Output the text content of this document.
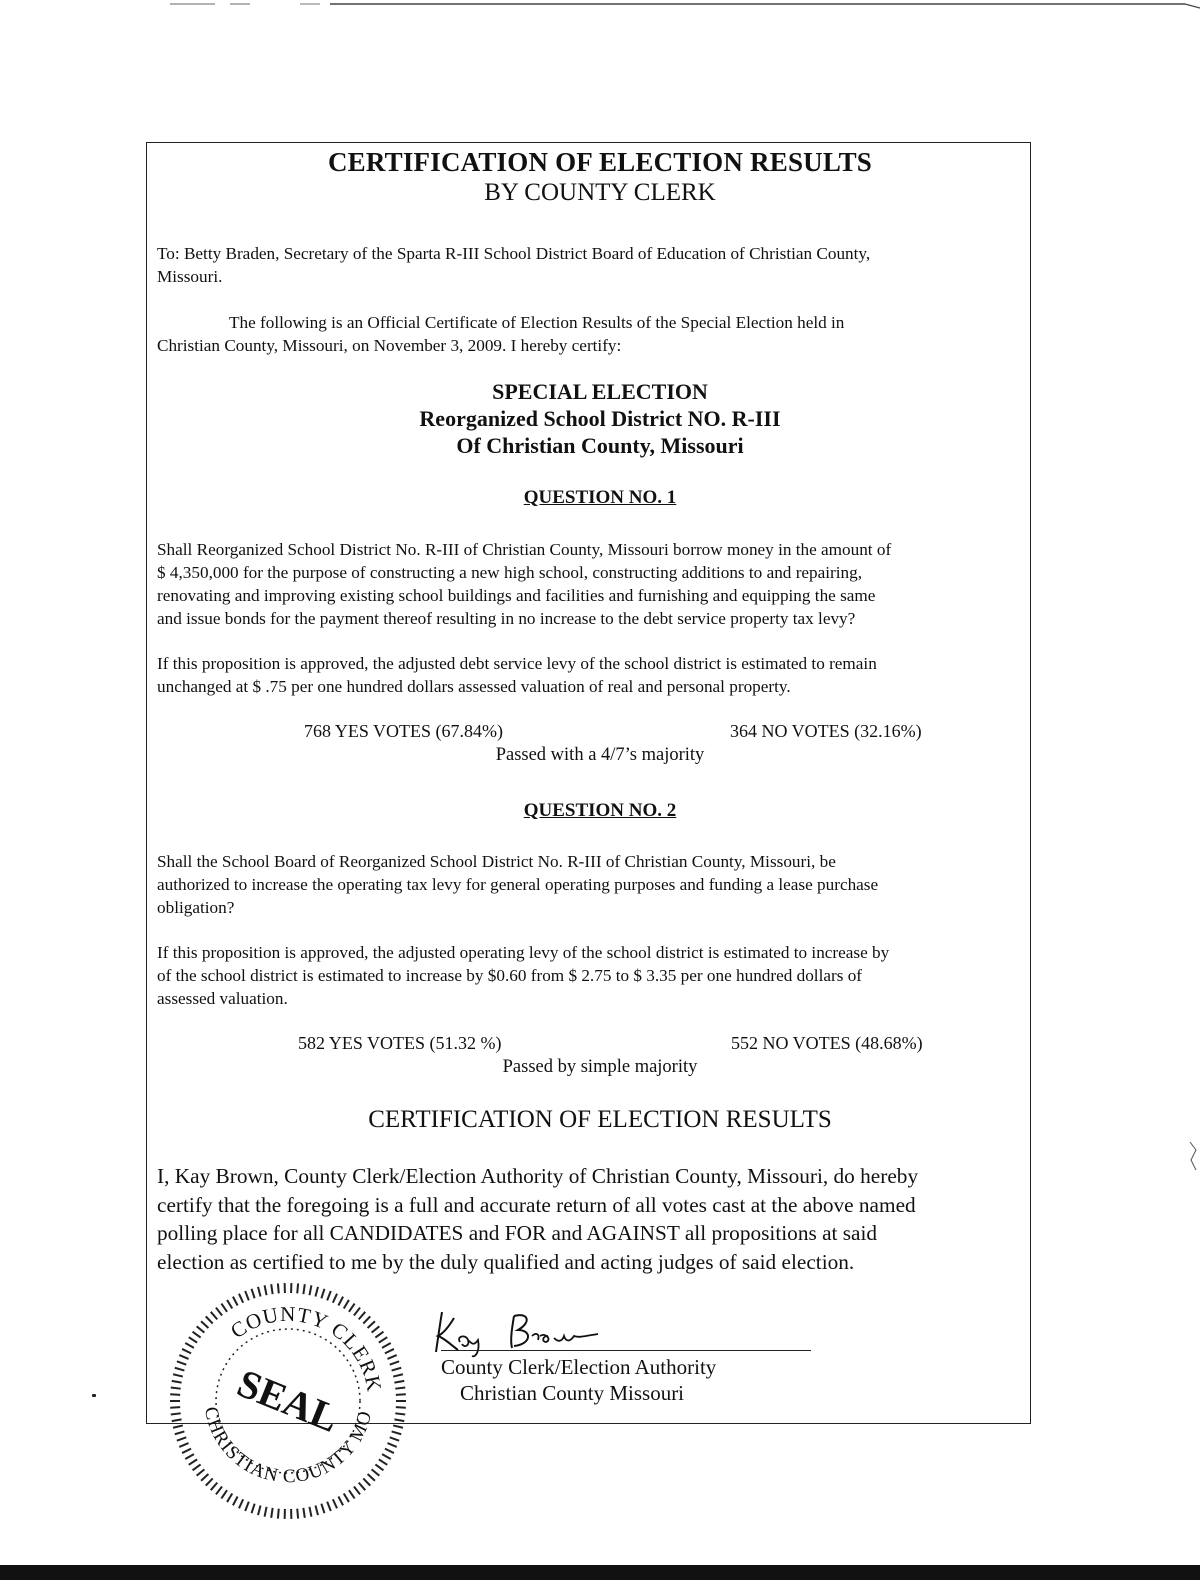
CERTIFICATION OF ELECTION RESULTS
BY COUNTY CLERK
To: Betty Braden, Secretary of the Sparta R-III School District Board of Education of Christian County,
Missouri.
The following is an Official Certificate of Election Results of the Special Election held in
Christian County, Missouri, on November 3, 2009. I hereby certify:
SPECIAL ELECTION
Reorganized School District NO. R-III
Of Christian County, Missouri
QUESTION NO. 1
Shall Reorganized School District No. R-III of Christian County, Missouri borrow money in the amount of
$ 4,350,000 for the purpose of constructing a new high school, constructing additions to and repairing,
renovating and improving existing school buildings and facilities and furnishing and equipping the same
and issue bonds for the payment thereof resulting in no increase to the debt service property tax levy?
If this proposition is approved, the adjusted debt service levy of the school district is estimated to remain
unchanged at $ .75 per one hundred dollars assessed valuation of real and personal property.
768 YES VOTES (67.84%)	364 NO VOTES (32.16%)
Passed with a 4/7’s majority
QUESTION NO. 2
Shall the School Board of Reorganized School District No. R-III of Christian County, Missouri, be
authorized to increase the operating tax levy for general operating purposes and funding a lease purchase
obligation?
If this proposition is approved, the adjusted operating levy of the school district is estimated to increase by
of the school district is estimated to increase by $0.60 from $ 2.75 to $ 3.35 per one hundred dollars of
assessed valuation.
582 YES VOTES (51.32 %)	552 NO VOTES (48.68%)
Passed by simple majority
CERTIFICATION OF ELECTION RESULTS
I, Kay Brown, County Clerk/Election Authority of Christian County, Missouri, do hereby
certify that the foregoing is a full and accurate return of all votes cast at the above named
polling place for all CANDIDATES and FOR and AGAINST all propositions at said
election as certified to me by the duly qualified and acting judges of said election.
County Clerk/Election Authority
Christian County Missouri
COUNTY CLERK
CHRISTIAN COUNTY MO
SEAL
